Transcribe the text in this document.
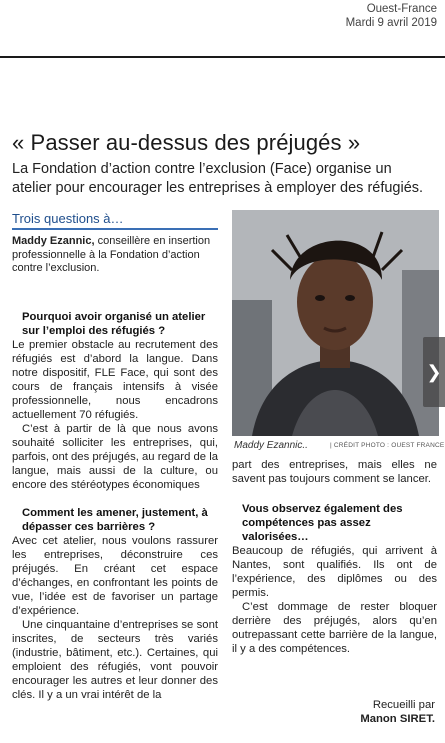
Ouest-France
Mardi 9 avril 2019
« Passer au-dessus des préjugés »
La Fondation d’action contre l’exclusion (Face) organise un atelier pour encourager les entreprises à employer des réfugiés.
Trois questions à…
Maddy Ezannic, conseillère en insertion professionnelle à la Fondation d’action contre l’exclusion.
Pourquoi avoir organisé un atelier sur l’emploi des réfugiés ?

Le premier obstacle au recrutement des réfugiés est d’abord la langue. Dans notre dispositif, FLE Face, qui sont des cours de français intensifs à visée professionnelle, nous encadrons actuellement 70 réfugiés.

C’est à partir de là que nous avons souhaité solliciter les entreprises, qui, parfois, ont des préjugés, au regard de la langue, mais aussi de la culture, ou encore des stéréotypes économiques

Comment les amener, justement, à dépasser ces barrières ?

Avec cet atelier, nous voulons rassurer les entreprises, déconstruire ces préjugés. En créant cet espace d’échanges, en confrontant les points de vue, l’idée est de favoriser un partage d’expérience.

Une cinquantaine d’entreprises se sont inscrites, de secteurs très variés (industrie, bâtiment, etc.). Certaines, qui emploient des réfugiés, vont pouvoir encourager les autres et leur donner des clés. Il y a un vrai intérêt de la

Maddy Ezannic..	| CRÉDIT PHOTO : OUEST FRANCE
❯

part des entreprises, mais elles ne savent pas toujours comment se lancer.

Vous observez également des compétences pas assez valorisées…

Beaucoup de réfugiés, qui arrivent à Nantes, sont qualifiés. Ils ont de l’expérience, des diplômes ou des permis.

C’est dommage de rester bloquer derrière des préjugés, alors qu’en outrepassant cette barrière de la langue, il y a des compétences.

Recueilli par
Manon SIRET.
